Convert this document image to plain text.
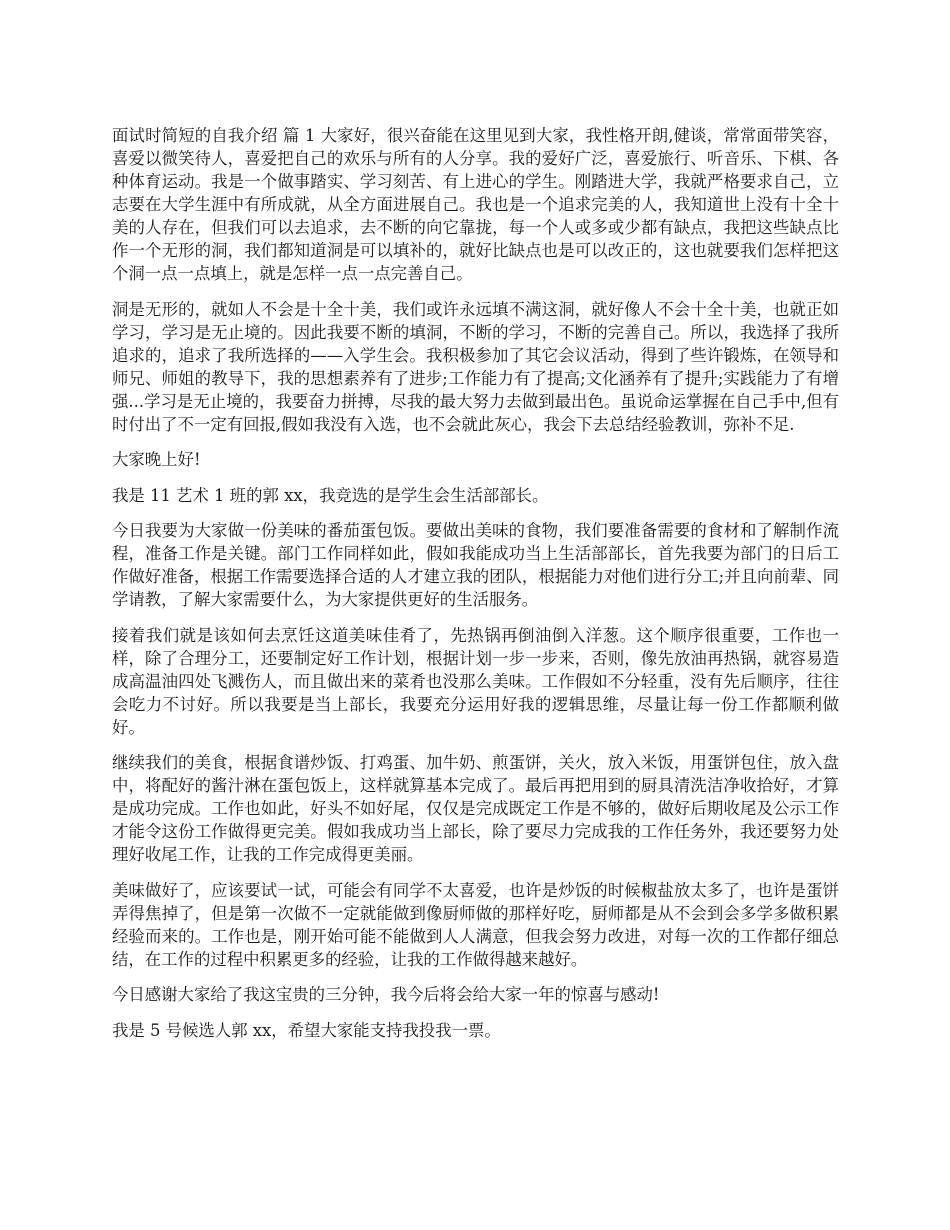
面试时简短的自我介绍 篇 1 大家好，很兴奋能在这里见到大家，我性格开朗,健谈，常常面带笑容，喜爱以微笑待人，喜爱把自己的欢乐与所有的人分享。我的爱好广泛，喜爱旅行、听音乐、下棋、各种体育运动。我是一个做事踏实、学习刻苦、有上进心的学生。刚踏进大学，我就严格要求自己，立志要在大学生涯中有所成就，从全方面进展自己。我也是一个追求完美的人，我知道世上没有十全十美的人存在，但我们可以去追求，去不断的向它靠拢，每一个人或多或少都有缺点，我把这些缺点比作一个无形的洞，我们都知道洞是可以填补的，就好比缺点也是可以改正的，这也就要我们怎样把这个洞一点一点填上，就是怎样一点一点完善自己。

洞是无形的，就如人不会是十全十美，我们或许永远填不满这洞，就好像人不会十全十美，也就正如学习，学习是无止境的。因此我要不断的填洞，不断的学习，不断的完善自己。所以，我选择了我所追求的，追求了我所选择的——入学生会。我积极参加了其它会议活动，得到了些许锻炼，在领导和师兄、师姐的教导下，我的思想素养有了进步;工作能力有了提高;文化涵养有了提升;实践能力了有增强...学习是无止境的，我要奋力拼搏，尽我的最大努力去做到最出色。虽说命运掌握在自己手中,但有时付出了不一定有回报,假如我没有入选，也不会就此灰心，我会下去总结经验教训，弥补不足.

大家晚上好!

我是 11 艺术 1 班的郭 xx，我竞选的是学生会生活部部长。

今日我要为大家做一份美味的番茄蛋包饭。要做出美味的食物，我们要准备需要的食材和了解制作流程，准备工作是关键。部门工作同样如此，假如我能成功当上生活部部长，首先我要为部门的日后工作做好准备，根据工作需要选择合适的人才建立我的团队，根据能力对他们进行分工;并且向前辈、同学请教，了解大家需要什么，为大家提供更好的生活服务。

接着我们就是该如何去烹饪这道美味佳肴了，先热锅再倒油倒入洋葱。这个顺序很重要，工作也一样，除了合理分工，还要制定好工作计划，根据计划一步一步来，否则，像先放油再热锅，就容易造成高温油四处飞溅伤人，而且做出来的菜肴也没那么美味。工作假如不分轻重，没有先后顺序，往往会吃力不讨好。所以我要是当上部长，我要充分运用好我的逻辑思维，尽量让每一份工作都顺利做好。

继续我们的美食，根据食谱炒饭、打鸡蛋、加牛奶、煎蛋饼，关火，放入米饭，用蛋饼包住，放入盘中，将配好的酱汁淋在蛋包饭上，这样就算基本完成了。最后再把用到的厨具清洗洁净收拾好，才算是成功完成。工作也如此，好头不如好尾，仅仅是完成既定工作是不够的，做好后期收尾及公示工作才能令这份工作做得更完美。假如我成功当上部长，除了要尽力完成我的工作任务外，我还要努力处理好收尾工作，让我的工作完成得更美丽。

美味做好了，应该要试一试，可能会有同学不太喜爱，也许是炒饭的时候椒盐放太多了，也许是蛋饼弄得焦掉了，但是第一次做不一定就能做到像厨师做的那样好吃，厨师都是从不会到会多学多做积累经验而来的。工作也是，刚开始可能不能做到人人满意，但我会努力改进，对每一次的工作都仔细总结，在工作的过程中积累更多的经验，让我的工作做得越来越好。

今日感谢大家给了我这宝贵的三分钟，我今后将会给大家一年的惊喜与感动!

我是 5 号候选人郭 xx，希望大家能支持我投我一票。
